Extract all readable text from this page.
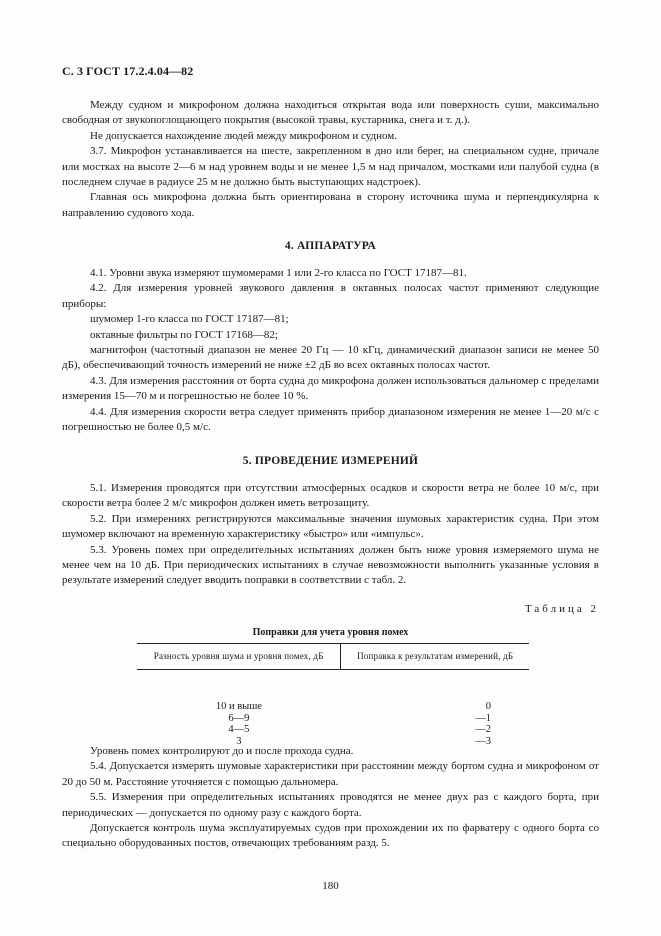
С. 3 ГОСТ 17.2.4.04—82

Между судном и микрофоном должна находиться открытая вода или поверхность суши, максимально свободная от звукопоглощающего покрытия (высокой травы, кустарника, снега и т. д.).

Не допускается нахождение людей между микрофоном и судном.

3.7. Микрофон устанавливается на шесте, закрепленном в дно или берег, на специальном судне, причале или мостках на высоте 2—6 м над уровнем воды и не менее 1,5 м над причалом, мостками или палубой судна (в последнем случае в радиусе 25 м не должно быть выступающих надстроек).

Главная ось микрофона должна быть ориентирована в сторону источника шума и перпендикулярна к направлению судового хода.

4. АППАРАТУРА

4.1. Уровни звука измеряют шумомерами 1 или 2-го класса по ГОСТ 17187—81.

4.2. Для измерения уровней звукового давления в октавных полосах частот применяют следующие приборы:

шумомер 1-го класса по ГОСТ 17187—81;

октавные фильтры по ГОСТ 17168—82;

магнитофон (частотный диапазон не менее 20 Гц — 10 кГц, динамический диапазон записи не менее 50 дБ), обеспечивающий точность измерений не ниже ±2 дБ во всех октавных полосах частот.

4.3. Для измерения расстояния от борта судна до микрофона должен использоваться дальномер с пределами измерения 15—70 м и погрешностью не более 10 %.

4.4. Для измерения скорости ветра следует применять прибор диапазоном измерения не менее 1—20 м/с с погрешностью не более 0,5 м/с.

5. ПРОВЕДЕНИЕ ИЗМЕРЕНИЙ

5.1. Измерения проводятся при отсутствии атмосферных осадков и скорости ветра не более 10 м/с, при скорости ветра более 2 м/с микрофон должен иметь ветрозащиту.

5.2. При измерениях регистрируются максимальные значения шумовых характеристик судна. При этом шумомер включают на временную характеристику «быстро» или «импульс».

5.3. Уровень помех при определительных испытаниях должен быть ниже уровня измеряемого шума не менее чем на 10 дБ. При периодических испытаниях в случае невозможности выполнить указанные условия в результате измерений следует вводить поправки в соответствии с табл. 2.

Таблица 2
Поправки для учета уровня помех
Разность уровня шума и уровня помех, дБ	Поправка к результатам измерений, дБ
10 и выше	0
6—9	—1
4—5	—2
3	—3

Уровень помех контролируют до и после прохода судна.

5.4. Допускается измерять шумовые характеристики при расстоянии между бортом судна и микрофоном от 20 до 50 м. Расстояние уточняется с помощью дальномера.

5.5. Измерения при определительных испытаниях проводятся не менее двух раз с каждого борта, при периодических — допускается по одному разу с каждого борта.

Допускается контроль шума эксплуатируемых судов при прохождении их по фарватеру с одного борта со специально оборудованных постов, отвечающих требованиям разд. 5.

180
